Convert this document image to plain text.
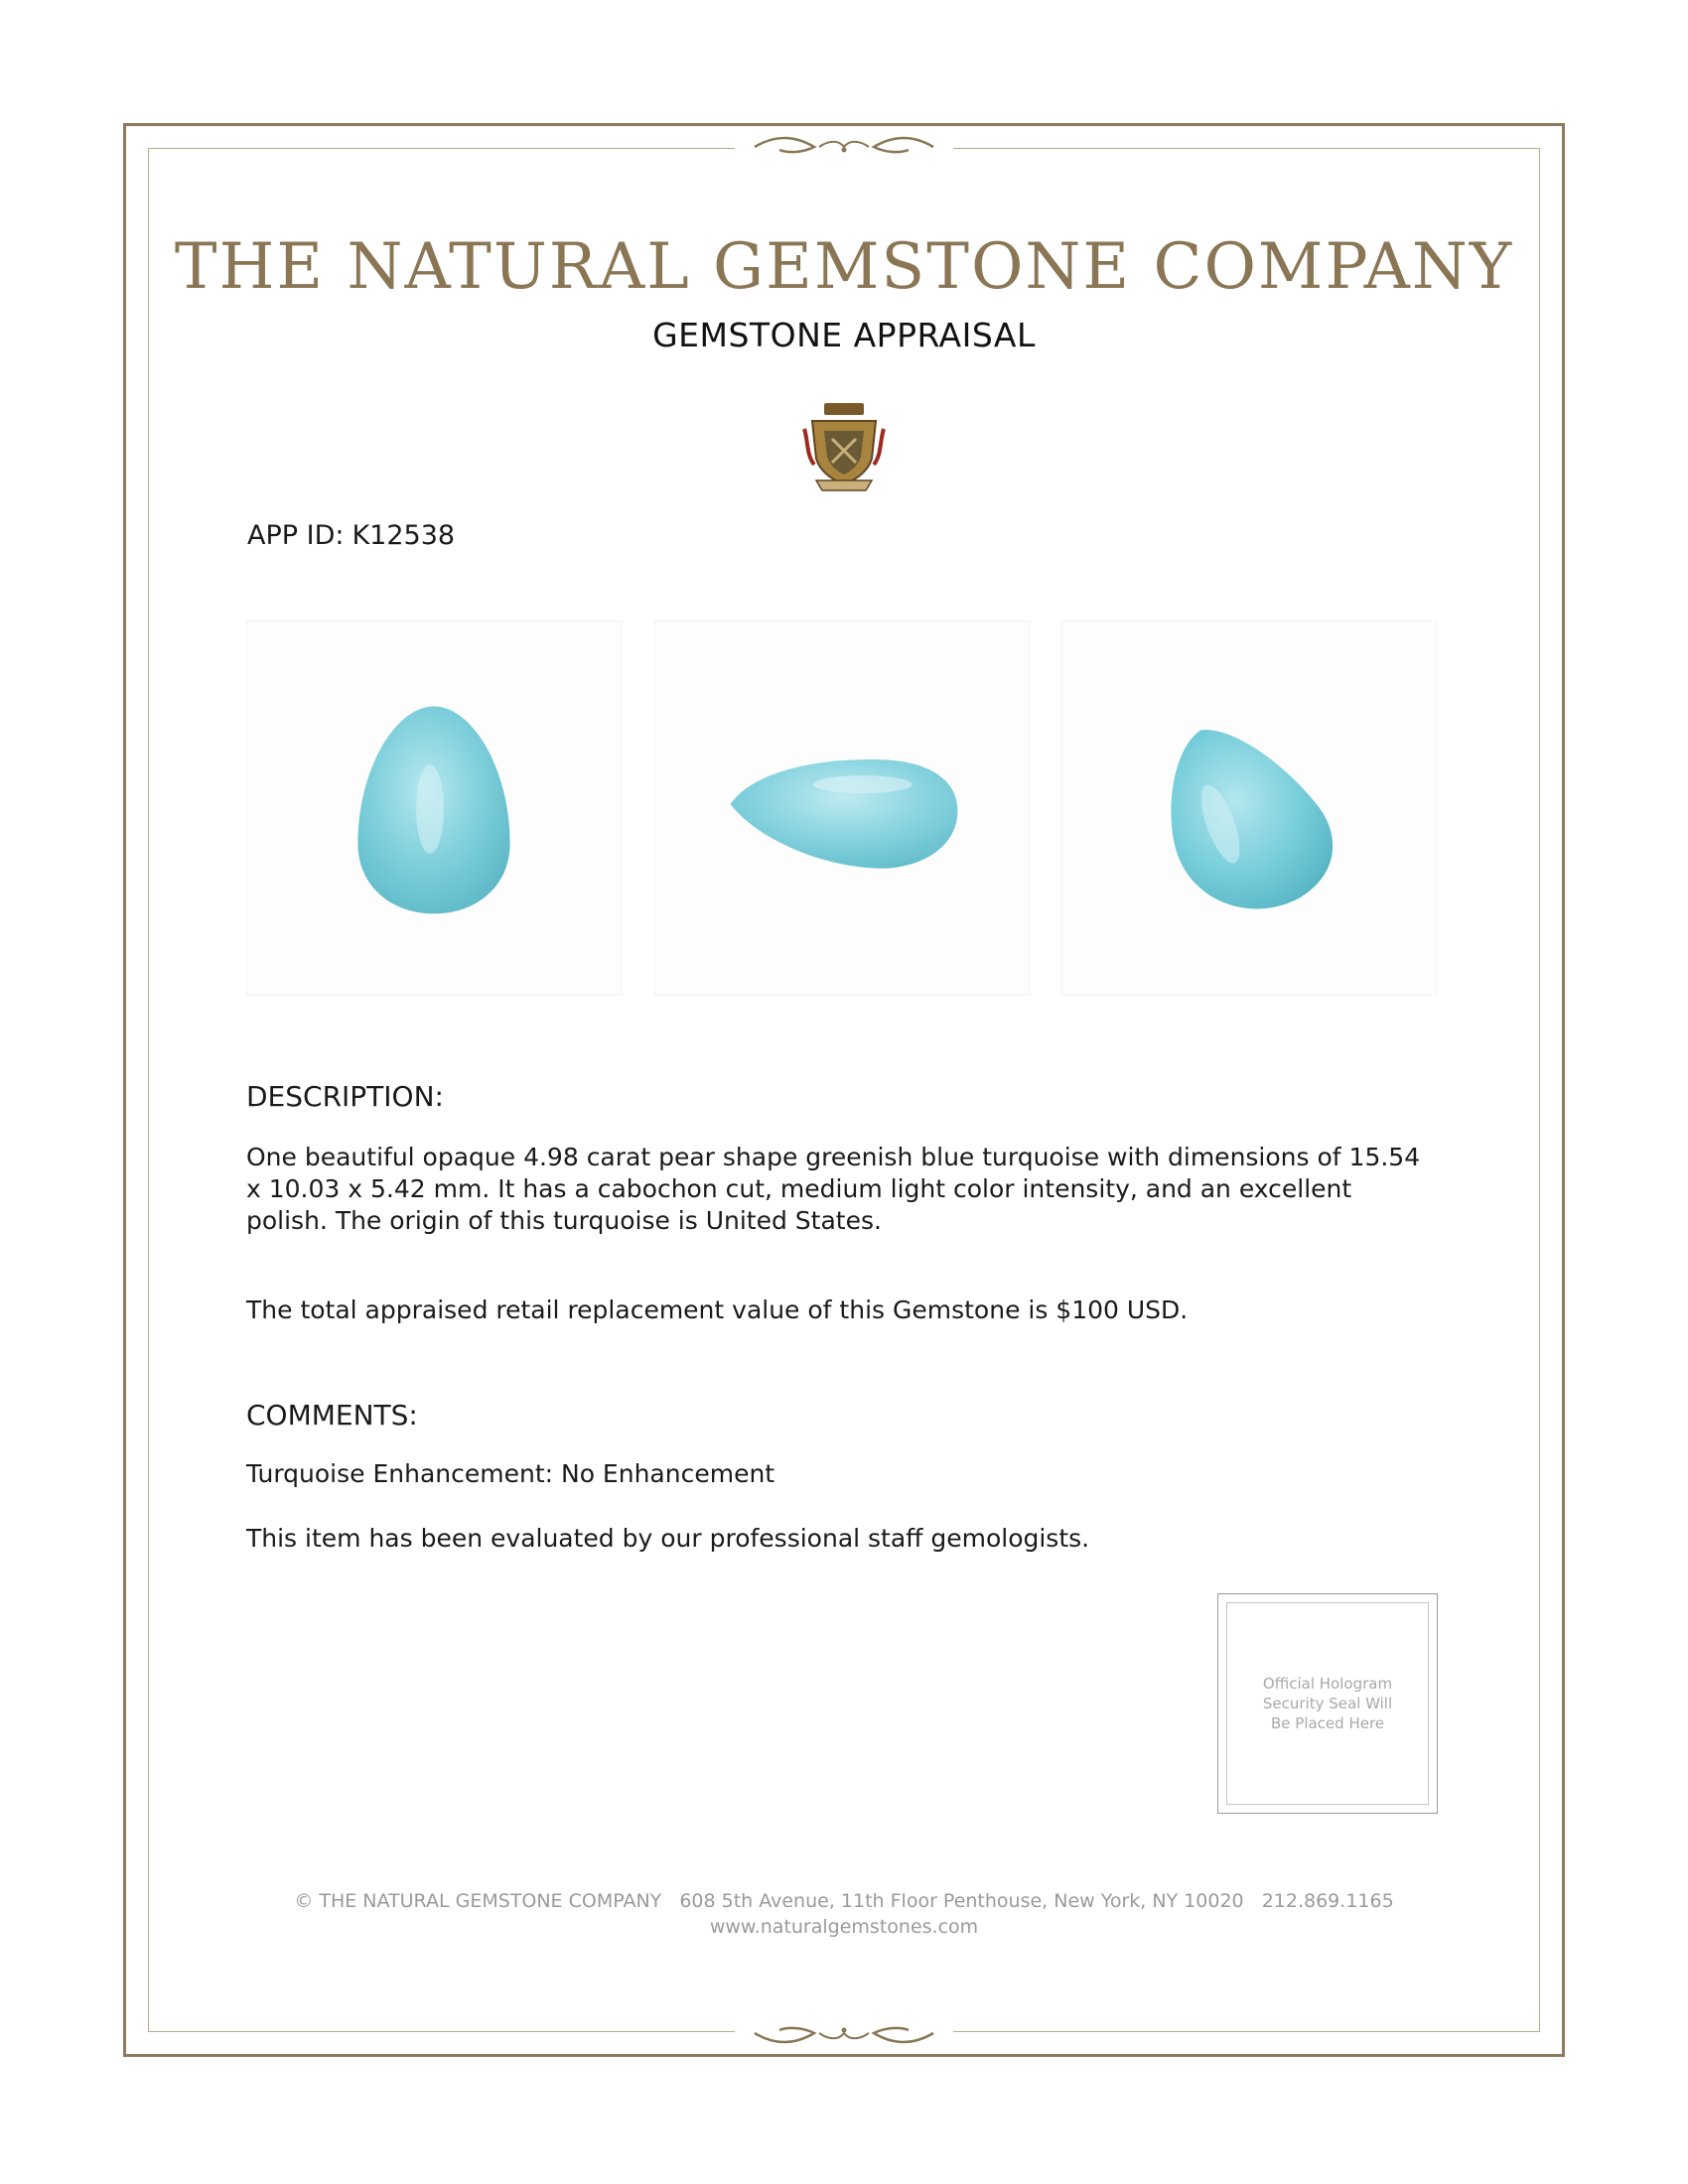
THE NATURAL GEMSTONE COMPANY
GEMSTONE APPRAISAL
APP ID: K12538
DESCRIPTION:
One beautiful opaque 4.98 carat pear shape greenish blue turquoise with dimensions of 15.54 x 10.03 x 5.42 mm. It has a cabochon cut, medium light color intensity, and an excellent polish. The origin of this turquoise is United States.
The total appraised retail replacement value of this Gemstone is $100 USD.
COMMENTS:
Turquoise Enhancement: No Enhancement
This item has been evaluated by our professional staff gemologists.
Official Hologram Security Seal Will Be Placed Here
© THE NATURAL GEMSTONE COMPANY 608 5th Avenue, 11th Floor Penthouse, New York, NY 10020 212.869.1165
www.naturalgemstones.com
